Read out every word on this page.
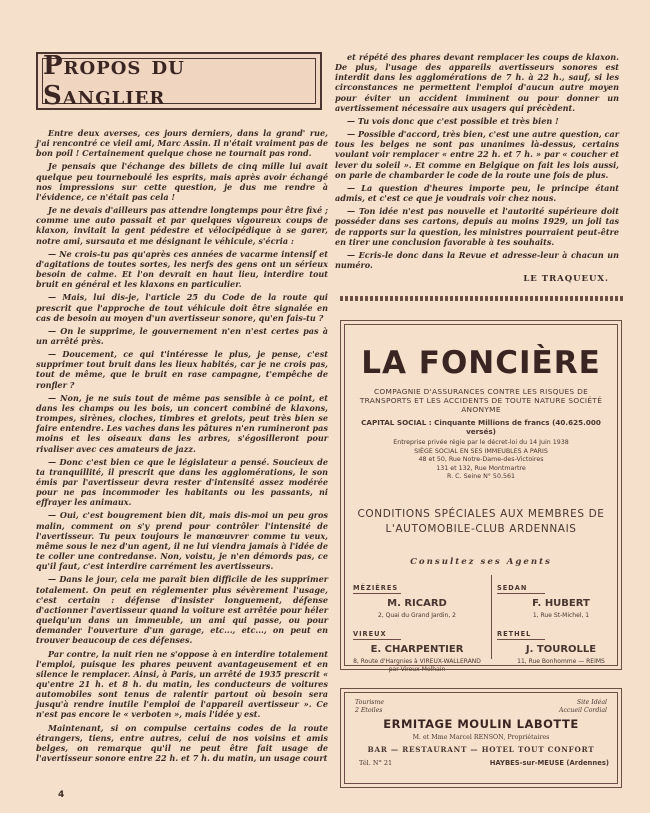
Propos du Sanglier

Entre deux averses, ces jours derniers, dans la grand' rue, j'ai rencontré ce vieil ami, Marc Assin. Il n'était vraiment pas de bon poil ! Certainement quelque chose ne tournait pas rond.

Je pensais que l'échange des billets de cinq mille lui avait quelque peu tourneboulé les esprits, mais après avoir échangé nos impressions sur cette question, je dus me rendre à l'évidence, ce n'était pas cela !

Je ne devais d'ailleurs pas attendre longtemps pour être fixé ; comme une auto passait et par quelques vigoureux coups de klaxon, invitait la gent pédestre et vélocipédique à se garer, notre ami, sursauta et me désignant le véhicule, s'écria :

— Ne crois-tu pas qu'après ces années de vacarme intensif et d'agitations de toutes sortes, les nerfs des gens ont un sérieux besoin de calme. Et l'on devrait en haut lieu, interdire tout bruit en général et les klaxons en particulier.

— Mais, lui dis-je, l'article 25 du Code de la route qui prescrit que l'approche de tout véhicule doit être signalée en cas de besoin au moyen d'un avertisseur sonore, qu'en fais-tu ?

— On le supprime, le gouvernement n'en n'est certes pas à un arrêté près.

— Doucement, ce qui t'intéresse le plus, je pense, c'est supprimer tout bruit dans les lieux habités, car je ne crois pas, tout de même, que le bruit en rase campagne, t'empêche de ronfler ?

— Non, je ne suis tout de même pas sensible à ce point, et dans les champs ou les bois, un concert combiné de klaxons, trompes, sirènes, cloches, timbres et grelots, peut très bien se faire entendre. Les vaches dans les pâtures n'en rumineront pas moins et les oiseaux dans les arbres, s'égosilleront pour rivaliser avec ces amateurs de jazz.

— Donc c'est bien ce que le législateur a pensé. Soucieux de ta tranquillité, il prescrit que dans les agglomérations, le son émis par l'avertisseur devra rester d'intensité assez modérée pour ne pas incommoder les habitants ou les passants, ni effrayer les animaux.

— Oui, c'est bougrement bien dit, mais dis-moi un peu gros malin, comment on s'y prend pour contrôler l'intensité de l'avertisseur. Tu peux toujours le manœuvrer comme tu veux, même sous le nez d'un agent, il ne lui viendra jamais à l'idée de te coller une contredanse. Non, voistu, je n'en démords pas, ce qu'il faut, c'est interdire carrément les avertisseurs.

— Dans le jour, cela me paraît bien difficile de les supprimer totalement. On peut en réglementer plus sévèrement l'usage, c'est certain : défense d'insister longuement, défense d'actionner l'avertisseur quand la voiture est arrêtée pour héler quelqu'un dans un immeuble, un ami qui passe, ou pour demander l'ouverture d'un garage, etc..., etc..., on peut en trouver beaucoup de ces défenses.

Par contre, la nuit rien ne s'oppose à en interdire totalement l'emploi, puisque les phares peuvent avantageusement et en silence le remplacer. Ainsi, à Paris, un arrêté de 1935 prescrit « qu'entre 21 h. et 8 h. du matin, les conducteurs de voitures automobiles sont tenus de ralentir partout où besoin sera jusqu'à rendre inutile l'emploi de l'appareil avertisseur ». Ce n'est pas encore le « verboten », mais l'idée y est.

Maintenant, si on compulse certains codes de la route étrangers, tiens, entre autres, celui de nos voisins et amis belges, on remarque qu'il ne peut être fait usage de l'avertisseur sonore entre 22 h. et 7 h. du matin, un usage court

et répété des phares devant remplacer les coups de klaxon. De plus, l'usage des appareils avertisseurs sonores est interdit dans les agglomérations de 7 h. à 22 h., sauf, si les circonstances ne permettent l'emploi d'aucun autre moyen pour éviter un accident imminent ou pour donner un avertissement nécessaire aux usagers qui précèdent.

— Tu vois donc que c'est possible et très bien !

— Possible d'accord, très bien, c'est une autre question, car tous les belges ne sont pas unanimes là-dessus, certains voulant voir remplacer « entre 22 h. et 7 h. » par « coucher et lever du soleil ». Et comme en Belgique on fait les lois aussi, on parle de chambarder le code de la route une fois de plus.

— La question d'heures importe peu, le principe étant admis, et c'est ce que je voudrais voir chez nous.

— Ton idée n'est pas nouvelle et l'autorité supérieure doit posséder dans ses cartons, depuis au moins 1929, un joli tas de rapports sur la question, les ministres pourraient peut-être en tirer une conclusion favorable à tes souhaits.

— Ecris-le donc dans la Revue et adresse-leur à chacun un numéro.

LE TRAQUEUX.
LA FONCIÈRE
COMPAGNIE D'ASSURANCES CONTRE LES RISQUES DE TRANSPORTS ET LES ACCIDENTS DE TOUTE NATURE SOCIÉTÉ ANONYME
CAPITAL SOCIAL : Cinquante Millions de francs (40.625.000 versés)
Entreprise privée régie par le décret-loi du 14 Juin 1938
SIÈGE SOCIAL EN SES IMMEUBLES A PARIS
48 et 50, Rue Notre-Dame-des-Victoires
131 et 132, Rue Montmartre
R. C. Seine N° 50.561
CONDITIONS SPÉCIALES AUX MEMBRES DE L'AUTOMOBILE-CLUB ARDENNAIS
Consultez ses Agents
MÉZIÈRES
M. RICARD
2, Quai du Grand Jardin, 2
SEDAN
F. HUBERT
1, Rue St-Michel, 1
VIREUX
E. CHARPENTIER
8, Route d'Hargnies à VIREUX-WALLERAND par Vireux-Molhain
RETHEL
J. TOUROLLE
11, Rue Bonhomme — REIMS
Tourisme
2 Etoiles
Site Idéal
Accueil Cordial
ERMITAGE MOULIN LABOTTE
M. et Mme Marcel RENSON, Propriétaires
BAR — RESTAURANT — HOTEL TOUT CONFORT
Tél. N° 21	HAYBES-sur-MEUSE (Ardennes)
4
